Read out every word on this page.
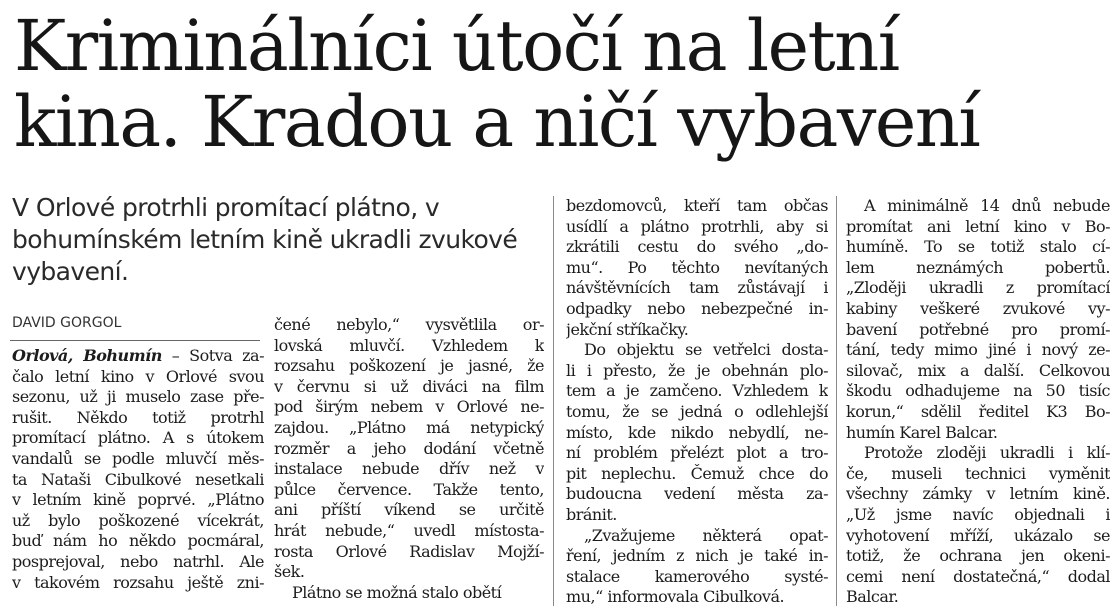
Kriminálníci útočí na letní
kina. Kradou a ničí vybavení
V Orlové protrhli promítací plátno, v
bohumínském letním kině ukradli zvukové
vybavení.
DAVID GORGOL
Orlová, Bohumín – Sotva za-
čalo letní kino v Orlové svou
sezonu, už ji muselo zase pře-
rušit. Někdo totiž protrhl
promítací plátno. A s útokem
vandalů se podle mluvčí měs-
ta Nataši Cibulkové nesetkali
v letním kině poprvé. „Plátno
už bylo poškozené vícekrát,
buď nám ho někdo pocmáral,
posprejoval, nebo natrhl. Ale
v takovém rozsahu ještě zni-
čené nebylo,“ vysvětlila or-
lovská mluvčí. Vzhledem k
rozsahu poškození je jasné, že
v červnu si už diváci na film
pod širým nebem v Orlové ne-
zajdou. „Plátno má netypický
rozměr a jeho dodání včetně
instalace nebude dřív než v
půlce července. Takže tento,
ani příští víkend se určitě
hrát nebude,“ uvedl místosta-
rosta Orlové Radislav Mojží-
šek.
Plátno se možná stalo obětí
bezdomovců, kteří tam občas
usídlí a plátno protrhli, aby si
zkrátili cestu do svého „do-
mu“. Po těchto nevítaných
návštěvnících tam zůstávají i
odpadky nebo nebezpečné in-
jekční stříkačky.
Do objektu se vetřelci dosta-
li i přesto, že je obehnán plo-
tem a je zamčeno. Vzhledem k
tomu, že se jedná o odlehlejší
místo, kde nikdo nebydlí, ne-
ní problém přelézt plot a tro-
pit neplechu. Čemuž chce do
budoucna vedení města za-
bránit.
„Zvažujeme některá opat-
ření, jedním z nich je také in-
stalace kamerového systé-
mu,“ informovala Cibulková.
A minimálně 14 dnů nebude
promítat ani letní kino v Bo-
humíně. To se totiž stalo cí-
lem neznámých pobertů.
„Zloději ukradli z promítací
kabiny veškeré zvukové vy-
bavení potřebné pro promí-
tání, tedy mimo jiné i nový ze-
silovač, mix a další. Celkovou
škodu odhadujeme na 50 tisíc
korun,“ sdělil ředitel K3 Bo-
humín Karel Balcar.
Protože zloději ukradli i klí-
če, museli technici vyměnit
všechny zámky v letním kině.
„Už jsme navíc objednali i
vyhotovení mříží, ukázalo se
totiž, že ochrana jen okeni-
cemi není dostatečná,“ dodal
Balcar.
